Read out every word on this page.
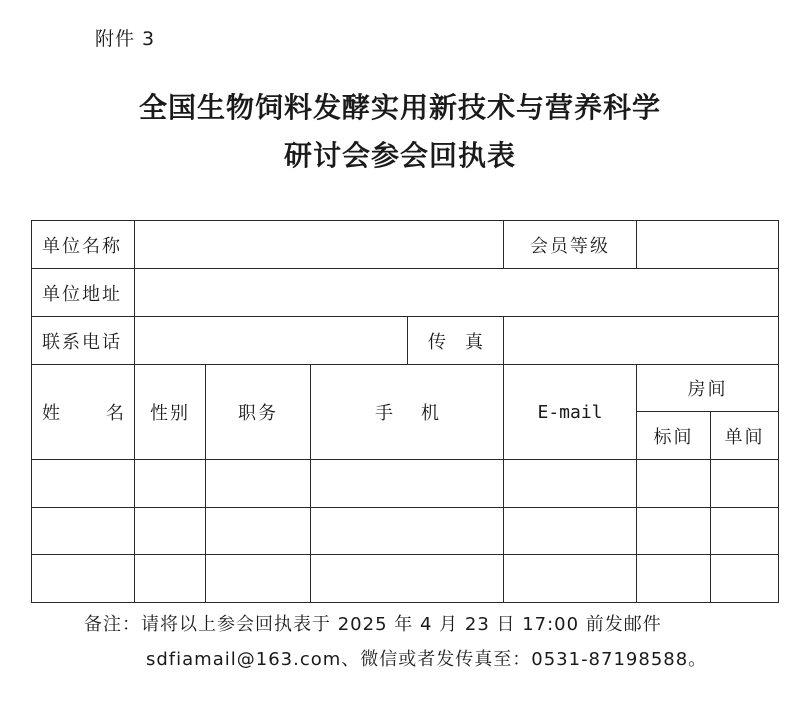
附件 3
全国生物饲料发酵实用新技术与营养科学
研讨会参会回执表
单位名称					会员等级		
单位地址							
联系电话				传 真			

姓 名	性别	职务	手 机		E-mail	房间	
						标间	单间

备注：请将以上参会回执表于 2025 年 4 月 23 日 17:00 前发邮件
sdfiamail@163.com、微信或者发传真至：0531-87198588。
